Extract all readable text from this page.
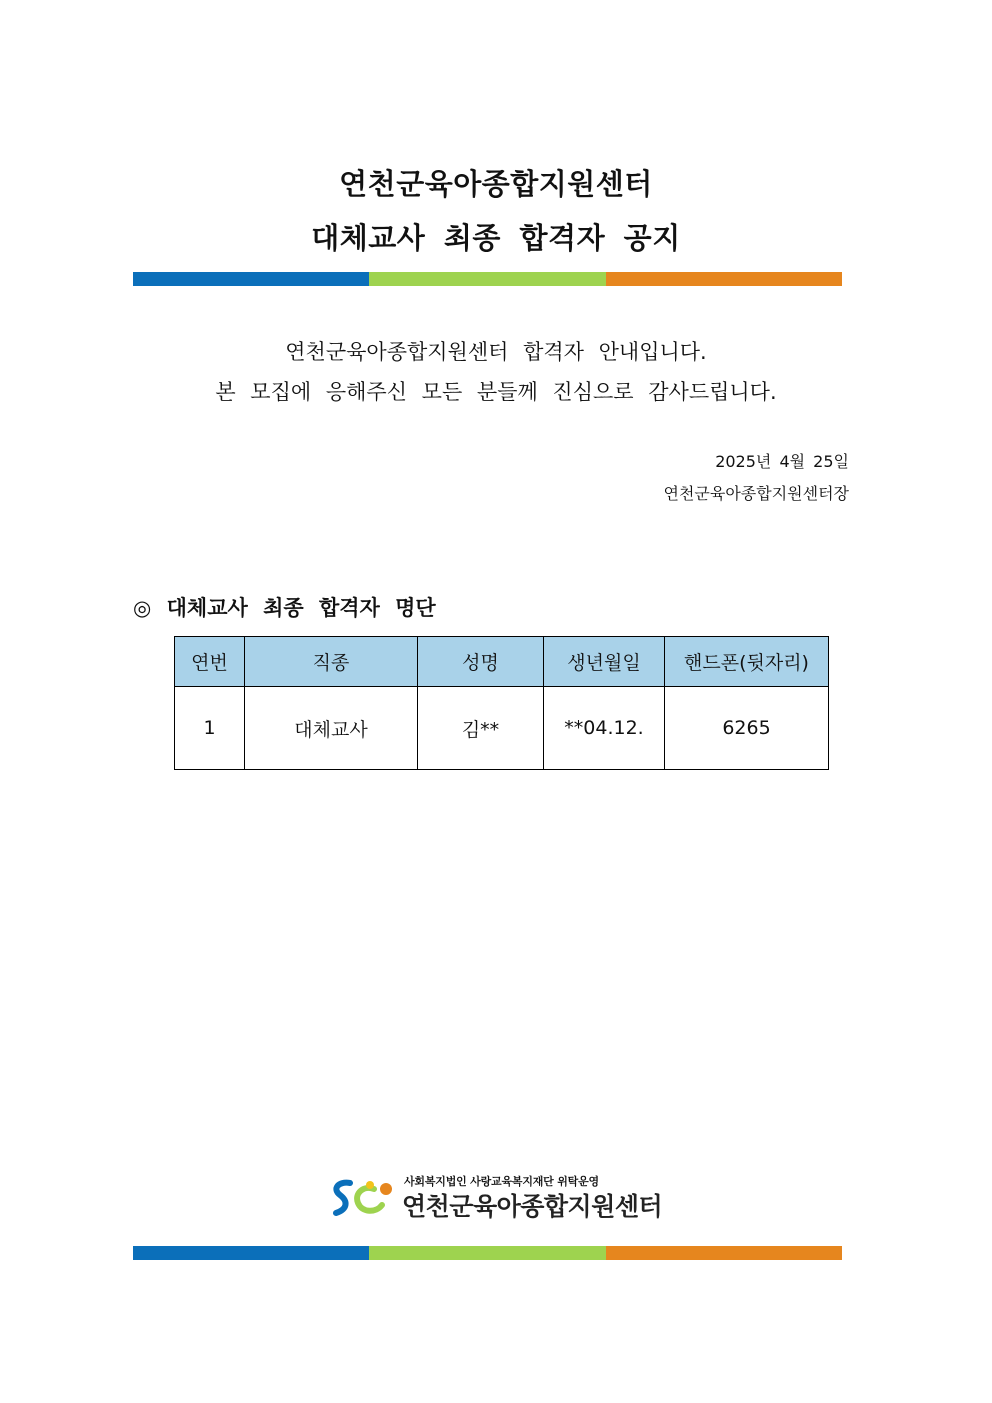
연천군육아종합지원센터
대체교사 최종 합격자 공지
연천군육아종합지원센터 합격자 안내입니다.
본 모집에 응해주신 모든 분들께 진심으로 감사드립니다.
2025년 4월 25일
연천군육아종합지원센터장
◎ 대체교사 최종 합격자 명단
연번	직종	성명	생년월일	핸드폰(뒷자리)
1	대체교사	김**	**04.12.	6265
사회복지법인 사랑교육복지재단 위탁운영
연천군육아종합지원센터
